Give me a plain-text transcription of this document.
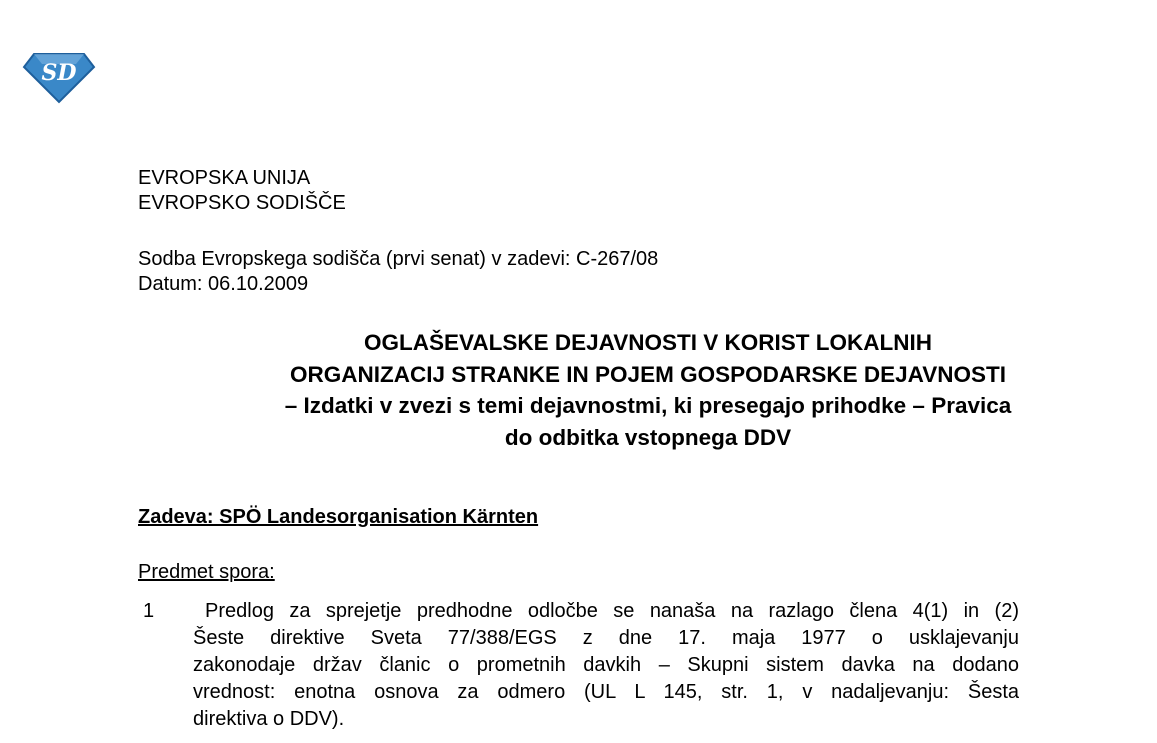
SD
EVROPSKA UNIJA
EVROPSKO SODIŠČE
Sodba Evropskega sodišča (prvi senat) v zadevi: C-267/08
Datum: 06.10.2009
OGLAŠEVALSKE DEJAVNOSTI V KORIST LOKALNIH
ORGANIZACIJ STRANKE IN POJEM GOSPODARSKE DEJAVNOSTI
– Izdatki v zvezi s temi dejavnostmi, ki presegajo prihodke – Pravica
do odbitka vstopnega DDV
Zadeva: SPÖ Landesorganisation Kärnten
Predmet spora:
1	Predlog za sprejetje predhodne odločbe se nanaša na razlago člena 4(1) in (2)
Šeste direktive Sveta 77/388/EGS z dne 17. maja 1977 o usklajevanju
zakonodaje držav članic o prometnih davkih – Skupni sistem davka na dodano
vrednost: enotna osnova za odmero (UL L 145, str. 1, v nadaljevanju: Šesta
direktiva o DDV).
